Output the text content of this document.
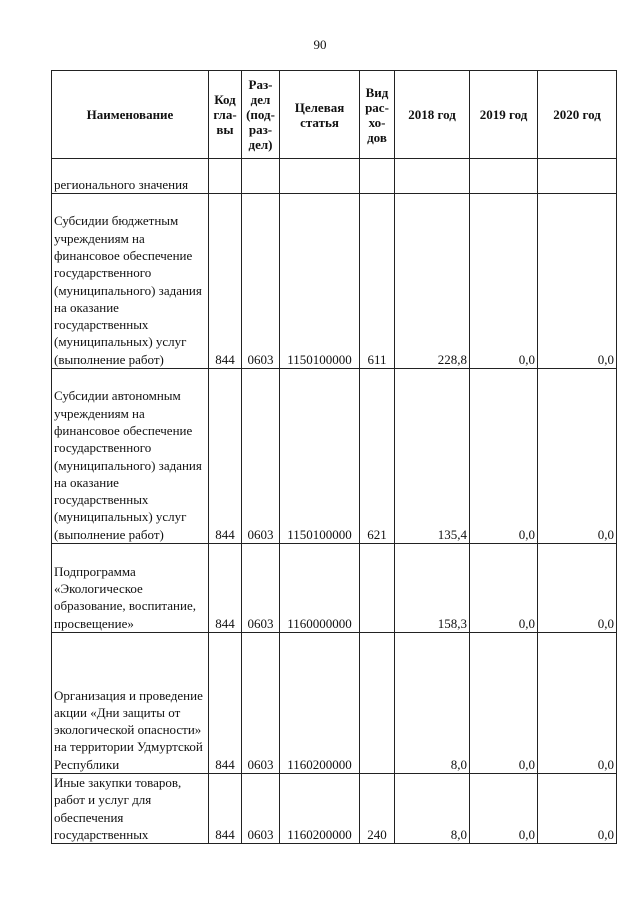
90
Наименование	Код гла-вы	Раз-дел (под-раз-дел)	Целевая статья	Вид рас-хо-дов	2018 год	2019 год	2020 год
регионального значения							
Субсидии бюджетным учреждениям на финансовое обеспечение государственного (муниципального) задания на оказание государственных (муниципальных) услуг (выполнение работ)	844	0603	1150100000	611	228,8	0,0	0,0
Субсидии автономным учреждениям на финансовое обеспечение государственного (муниципального) задания на оказание государственных (муниципальных) услуг (выполнение работ)	844	0603	1150100000	621	135,4	0,0	0,0
Подпрограмма «Экологическое образование, воспитание, просвещение»	844	0603	1160000000		158,3	0,0	0,0
Организация и проведение акции «Дни защиты от экологической опасности» на территории Удмуртской Республики	844	0603	1160200000		8,0	0,0	0,0
Иные закупки товаров, работ и услуг для обеспечения государственных	844	0603	1160200000	240	8,0	0,0	0,0
